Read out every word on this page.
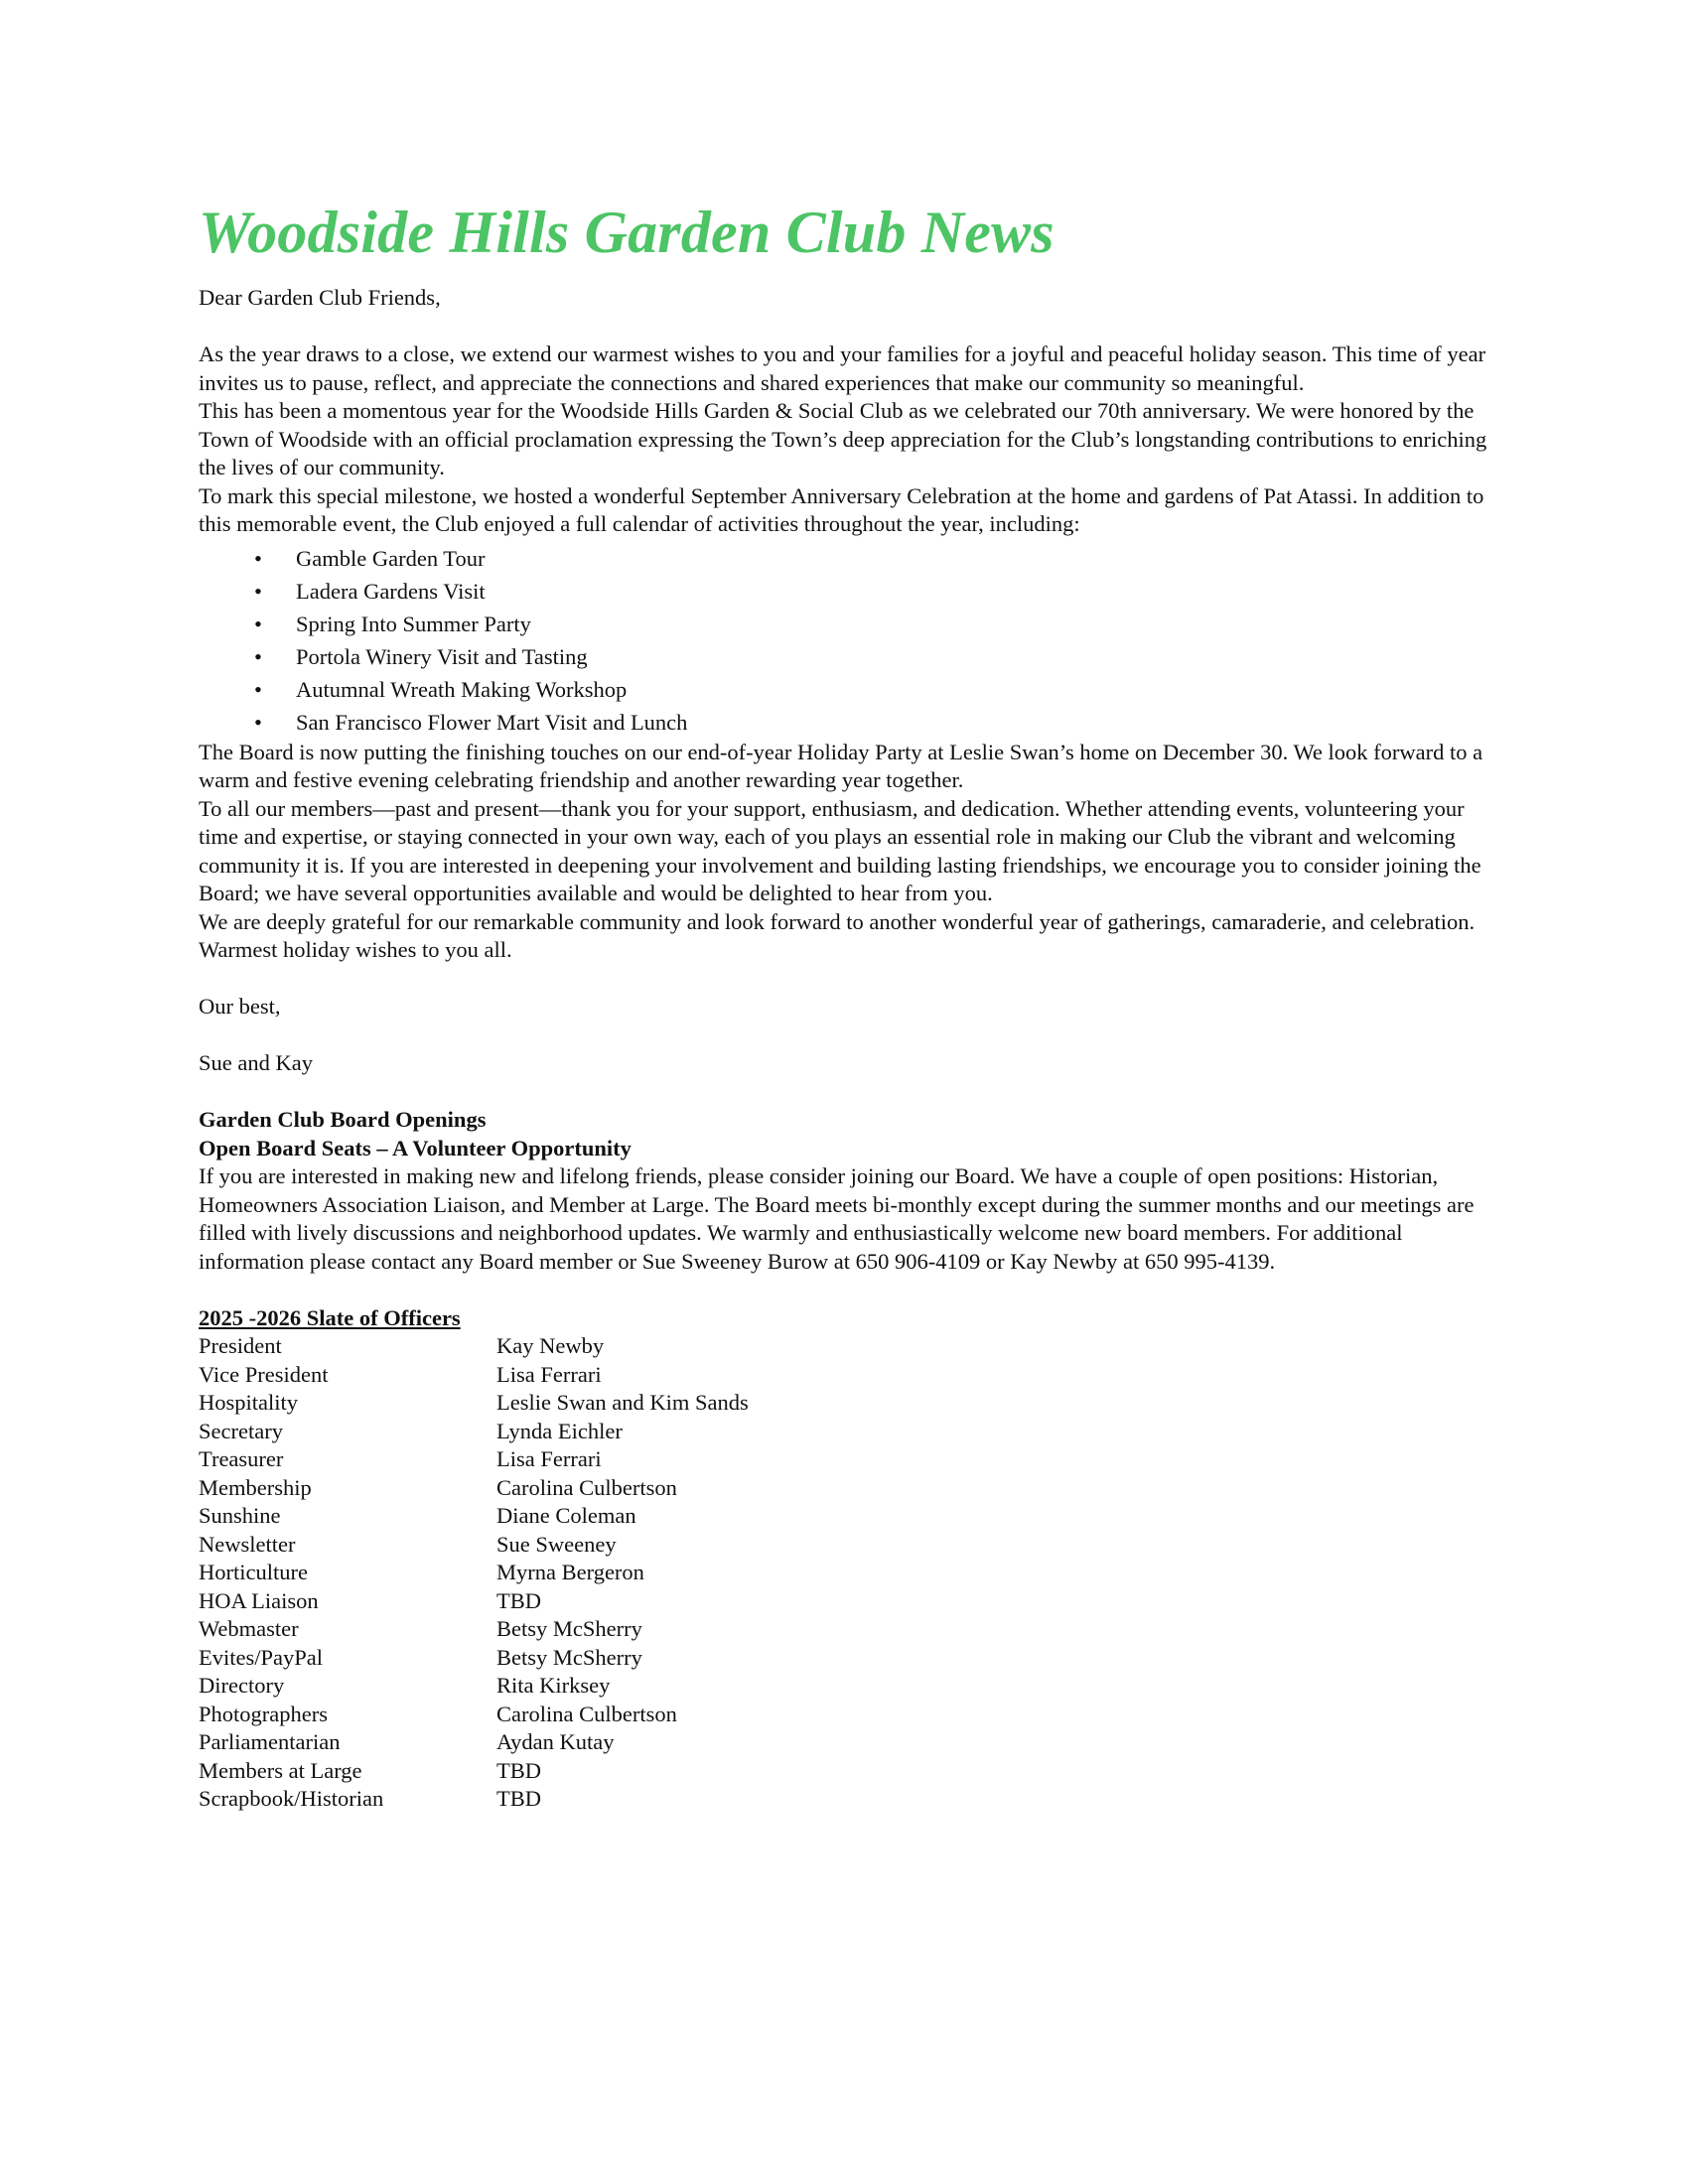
Woodside Hills Garden Club News

Dear Garden Club Friends,

As the year draws to a close, we extend our warmest wishes to you and your families for a joyful and peaceful holiday season. This time of year invites us to pause, reflect, and appreciate the connections and shared experiences that make our community so meaningful.

This has been a momentous year for the Woodside Hills Garden & Social Club as we celebrated our 70th anniversary. We were honored by the Town of Woodside with an official proclamation expressing the Town’s deep appreciation for the Club’s longstanding contributions to enriching the lives of our community.

To mark this special milestone, we hosted a wonderful September Anniversary Celebration at the home and gardens of Pat Atassi. In addition to this memorable event, the Club enjoyed a full calendar of activities throughout the year, including:

• Gamble Garden Tour
• Ladera Gardens Visit
• Spring Into Summer Party
• Portola Winery Visit and Tasting
• Autumnal Wreath Making Workshop
• San Francisco Flower Mart Visit and Lunch

The Board is now putting the finishing touches on our end-of-year Holiday Party at Leslie Swan’s home on December 30. We look forward to a warm and festive evening celebrating friendship and another rewarding year together.

To all our members—past and present—thank you for your support, enthusiasm, and dedication. Whether attending events, volunteering your time and expertise, or staying connected in your own way, each of you plays an essential role in making our Club the vibrant and welcoming community it is. If you are interested in deepening your involvement and building lasting friendships, we encourage you to consider joining the Board; we have several opportunities available and would be delighted to hear from you.

We are deeply grateful for our remarkable community and look forward to another wonderful year of gatherings, camaraderie, and celebration.

Warmest holiday wishes to you all.

Our best,

Sue and Kay

Garden Club Board Openings

Open Board Seats – A Volunteer Opportunity

If you are interested in making new and lifelong friends, please consider joining our Board. We have a couple of open positions: Historian, Homeowners Association Liaison, and Member at Large. The Board meets bi-monthly except during the summer months and our meetings are filled with lively discussions and neighborhood updates. We warmly and enthusiastically welcome new board members. For additional information please contact any Board member or Sue Sweeney Burow at 650 906-4109 or Kay Newby at 650 995-4139.

2025 -2026 Slate of Officers

President	Kay Newby
Vice President	Lisa Ferrari
Hospitality	Leslie Swan and Kim Sands
Secretary	Lynda Eichler
Treasurer	Lisa Ferrari
Membership	Carolina Culbertson
Sunshine	Diane Coleman
Newsletter	Sue Sweeney
Horticulture	Myrna Bergeron
HOA Liaison	TBD
Webmaster	Betsy McSherry
Evites/PayPal	Betsy McSherry
Directory	Rita Kirksey
Photographers	Carolina Culbertson
Parliamentarian	Aydan Kutay
Members at Large	TBD
Scrapbook/Historian	TBD
